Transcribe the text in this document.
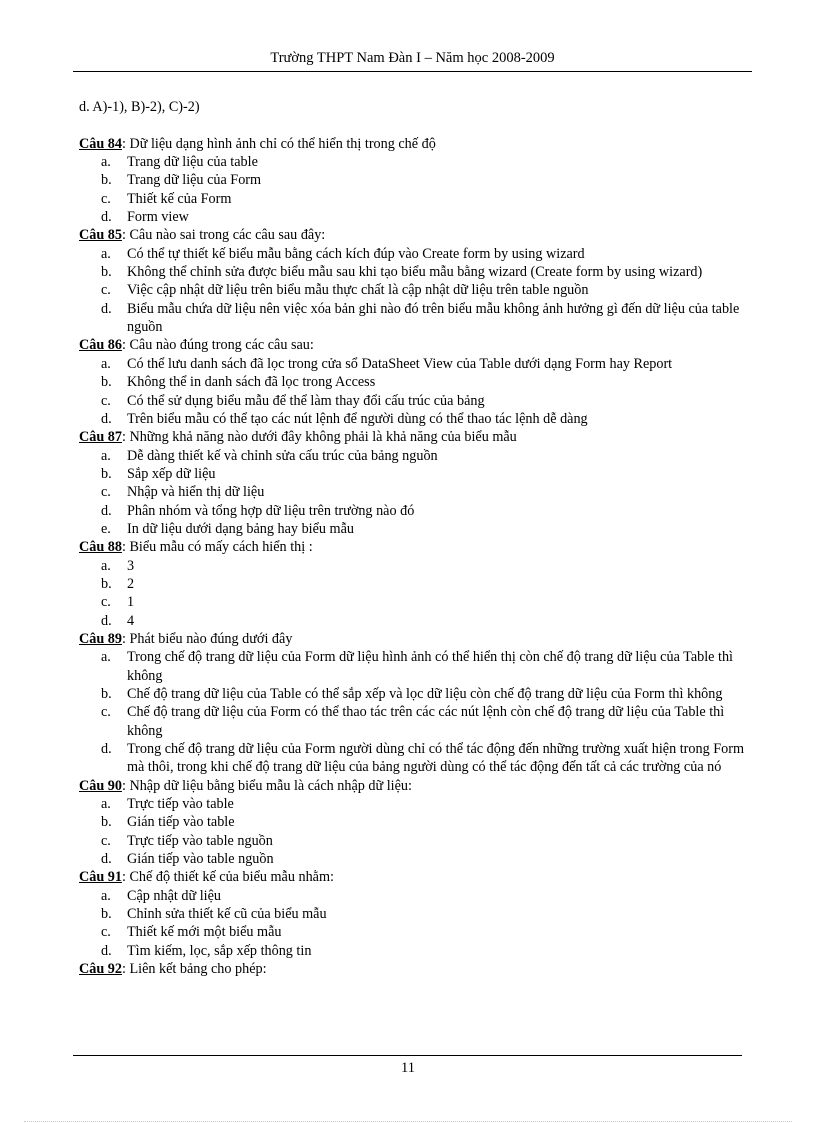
Trường THPT Nam Đàn I – Năm học 2008-2009

d. A)-1), B)-2), C)-2)

Câu 84: Dữ liệu dạng hình ảnh chỉ có thể hiển thị trong chế độ

a. Trang dữ liệu của table
b. Trang dữ liệu của Form
c. Thiết kế của Form
d. Form view

Câu 85: Câu nào sai trong các câu sau đây:

a. Có thể tự thiết kế biểu mẫu bằng cách kích đúp vào Create form by using wizard
b. Không thể chỉnh sửa được biểu mẫu sau khi tạo biểu mẫu bằng wizard (Create form by using wizard)
c. Việc cập nhật dữ liệu trên biểu mẫu thực chất là cập nhật dữ liệu trên table nguồn
d. Biểu mẫu chứa dữ liệu nên việc xóa bản ghi nào đó trên biểu mẫu không ảnh hưởng gì đến dữ liệu của table nguồn

Câu 86: Câu nào đúng trong các câu sau:

a. Có thể lưu danh sách đã lọc trong cửa sổ DataSheet View của Table dưới dạng Form hay Report
b. Không thể in danh sách đã lọc trong Access
c. Có thể sử dụng biểu mẫu để thể làm thay đổi cấu trúc của bảng
d. Trên biểu mẫu có thể tạo các nút lệnh để người dùng có thể thao tác lệnh dễ dàng

Câu 87: Những khả năng nào dưới đây không phải là khả năng của biểu mẫu

a. Dễ dàng thiết kế và chỉnh sửa cấu trúc của bảng nguồn
b. Sắp xếp dữ liệu
c. Nhập và hiển thị dữ liệu
d. Phân nhóm và tổng hợp dữ liệu trên trường nào đó
e. In dữ liệu dưới dạng bảng hay biểu mẫu

Câu 88: Biểu mẫu có mấy cách hiển thị :

a. 3
b. 2
c. 1
d. 4

Câu 89: Phát biểu nào đúng dưới đây

a. Trong chế độ trang dữ liệu của Form dữ liệu hình ảnh có thể hiển thị còn chế độ trang dữ liệu của Table thì không
b. Chế độ trang dữ liệu của Table có thể sắp xếp và lọc dữ liệu còn chế độ trang dữ liệu của Form thì không
c. Chế độ trang dữ liệu của Form có thể thao tác trên các các nút lệnh còn chế độ trang dữ liệu của Table thì không
d. Trong chế độ trang dữ liệu của Form người dùng chỉ có thể tác động đến những trường xuất hiện trong Form mà thôi, trong khi chế độ trang dữ liệu của bảng người dùng có thể tác động đến tất cả các trường của nó

Câu 90: Nhập dữ liệu bằng biểu mẫu là cách nhập dữ liệu:

a. Trực tiếp vào table
b. Gián tiếp vào table
c. Trực tiếp vào table nguồn
d. Gián tiếp vào table nguồn

Câu 91: Chế độ thiết kế của biểu mẫu nhằm:

a. Cập nhật dữ liệu
b. Chỉnh sửa thiết kế cũ của biểu mẫu
c. Thiết kế mới một biểu mẫu
d. Tìm kiếm, lọc, sắp xếp thông tin

Câu 92: Liên kết bảng cho phép:

11
